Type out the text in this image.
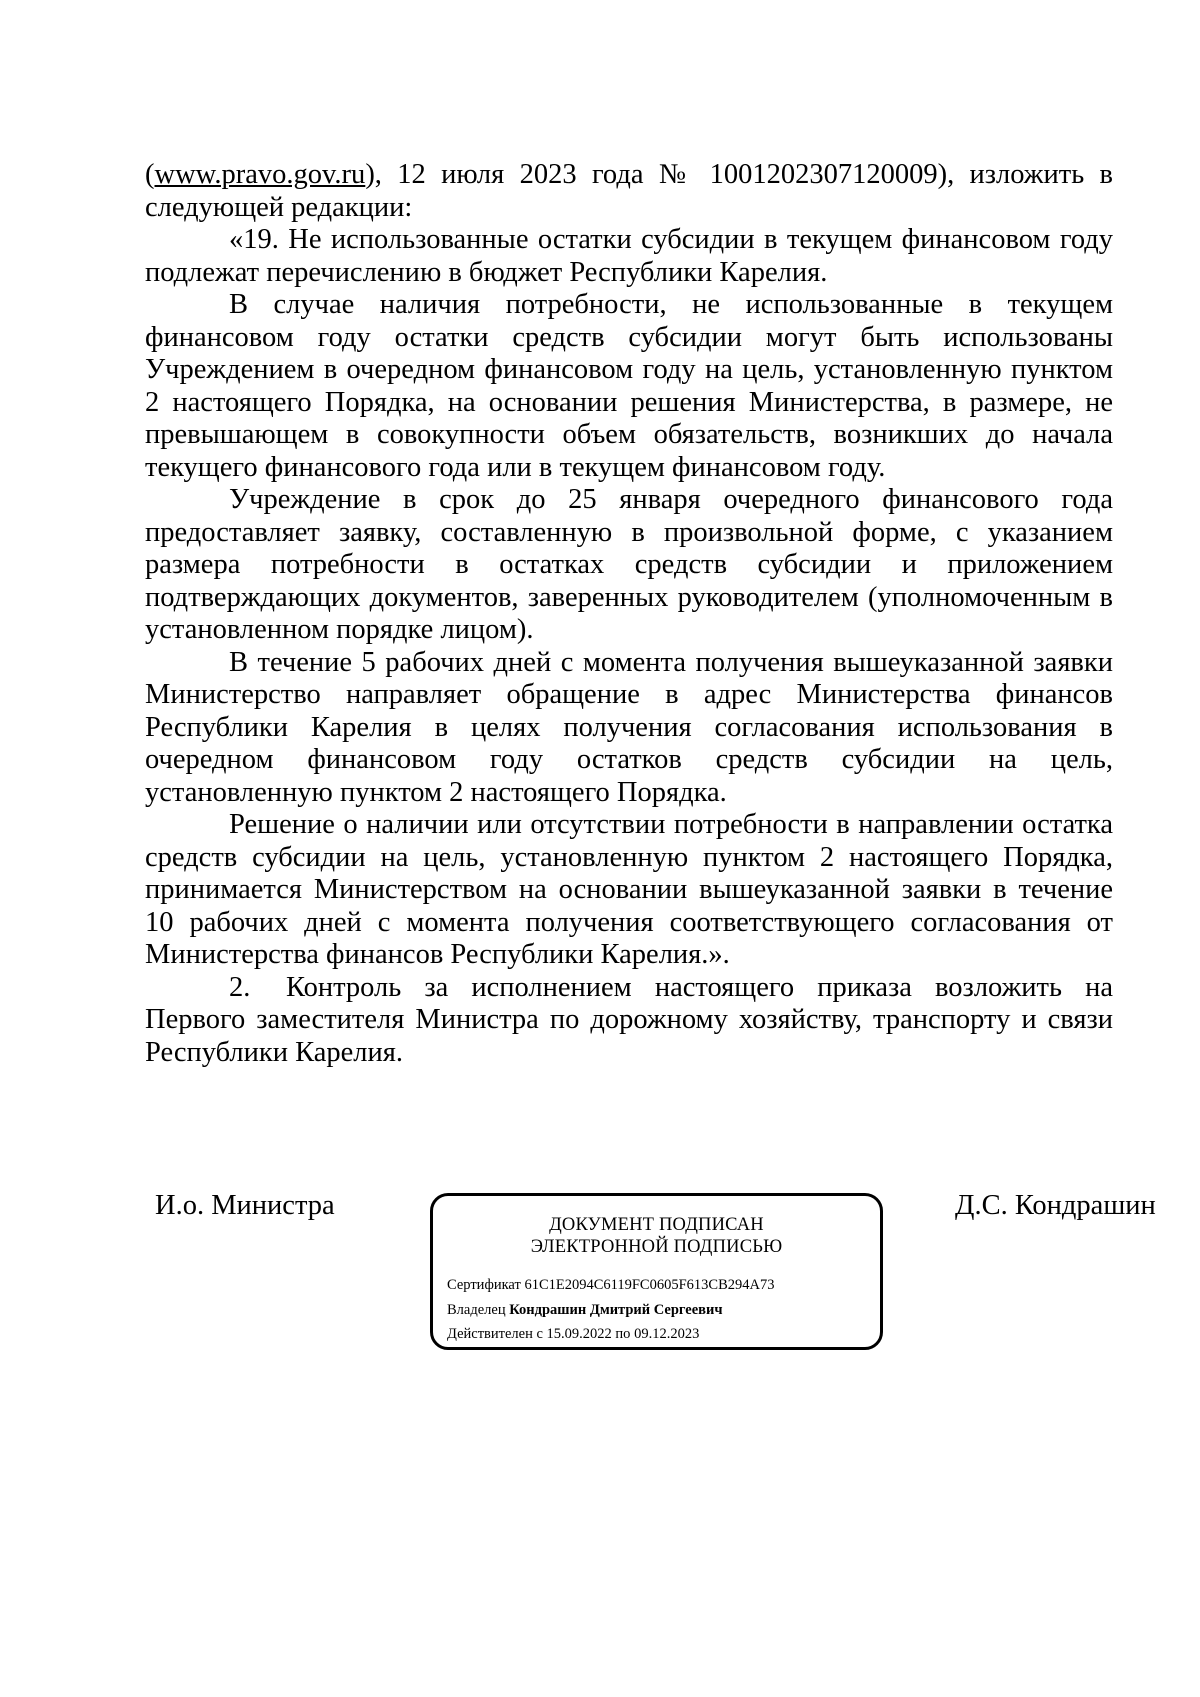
(www.pravo.gov.ru), 12 июля 2023 года № 1001202307120009), изложить в следующей редакции:

«19. Не использованные остатки субсидии в текущем финансовом году подлежат перечислению в бюджет Республики Карелия.

В случае наличия потребности, не использованные в текущем финансовом году остатки средств субсидии могут быть использованы Учреждением в очередном финансовом году на цель, установленную пунктом 2 настоящего Порядка, на основании решения Министерства, в размере, не превышающем в совокупности объем обязательств, возникших до начала текущего финансового года или в текущем финансовом году.

Учреждение в срок до 25 января очередного финансового года предоставляет заявку, составленную в произвольной форме, с указанием размера потребности в остатках средств субсидии и приложением подтверждающих документов, заверенных руководителем (уполномоченным в установленном порядке лицом).

В течение 5 рабочих дней с момента получения вышеуказанной заявки Министерство направляет обращение в адрес Министерства финансов Республики Карелия в целях получения согласования использования в очередном финансовом году остатков средств субсидии на цель, установленную пунктом 2 настоящего Порядка.

Решение о наличии или отсутствии потребности в направлении остатка средств субсидии на цель, установленную пунктом 2 настоящего Порядка, принимается Министерством на основании вышеуказанной заявки в течение 10 рабочих дней с момента получения соответствующего согласования от Министерства финансов Республики Карелия.».

2. Контроль за исполнением настоящего приказа возложить на Первого заместителя Министра по дорожному хозяйству, транспорту и связи Республики Карелия.

И.о. Министра
ДОКУМЕНТ ПОДПИСАН
ЭЛЕКТРОННОЙ ПОДПИСЬЮ
Сертификат 61C1E2094C6119FC0605F613CB294A73
Владелец Кондрашин Дмитрий Сергеевич
Действителен с 15.09.2022 по 09.12.2023
Д.С. Кондрашин
